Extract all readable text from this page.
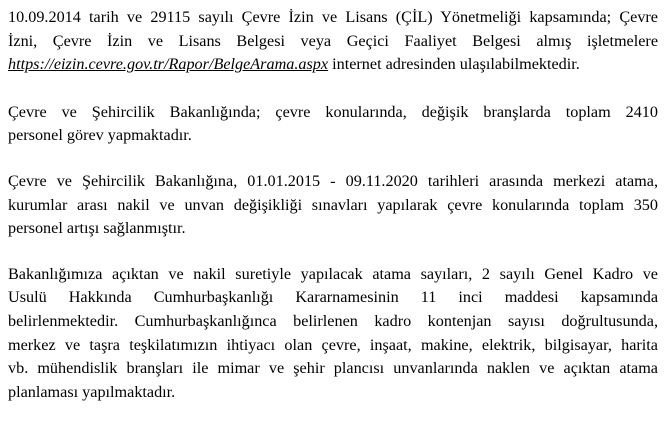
10.09.2014 tarih ve 29115 sayılı Çevre İzin ve Lisans (ÇİL) Yönetmeliği kapsamında; Çevre
İzni, Çevre İzin ve Lisans Belgesi veya Geçici Faaliyet Belgesi almış işletmelere
https://eizin.cevre.gov.tr/Rapor/BelgeArama.aspx internet adresinden ulaşılabilmektedir.

Çevre ve Şehircilik Bakanlığında; çevre konularında, değişik branşlarda toplam 2410
personel görev yapmaktadır.

Çevre ve Şehircilik Bakanlığına, 01.01.2015 - 09.11.2020 tarihleri arasında merkezi atama,
kurumlar arası nakil ve unvan değişikliği sınavları yapılarak çevre konularında toplam 350
personel artışı sağlanmıştır.

Bakanlığımıza açıktan ve nakil suretiyle yapılacak atama sayıları, 2 sayılı Genel Kadro ve
Usulü Hakkında Cumhurbaşkanlığı Kararnamesinin 11 inci maddesi kapsamında
belirlenmektedir. Cumhurbaşkanlığınca belirlenen kadro kontenjan sayısı doğrultusunda,
merkez ve taşra teşkilatımızın ihtiyacı olan çevre, inşaat, makine, elektrik, bilgisayar, harita
vb. mühendislik branşları ile mimar ve şehir plancısı unvanlarında naklen ve açıktan atama
planlaması yapılmaktadır.
